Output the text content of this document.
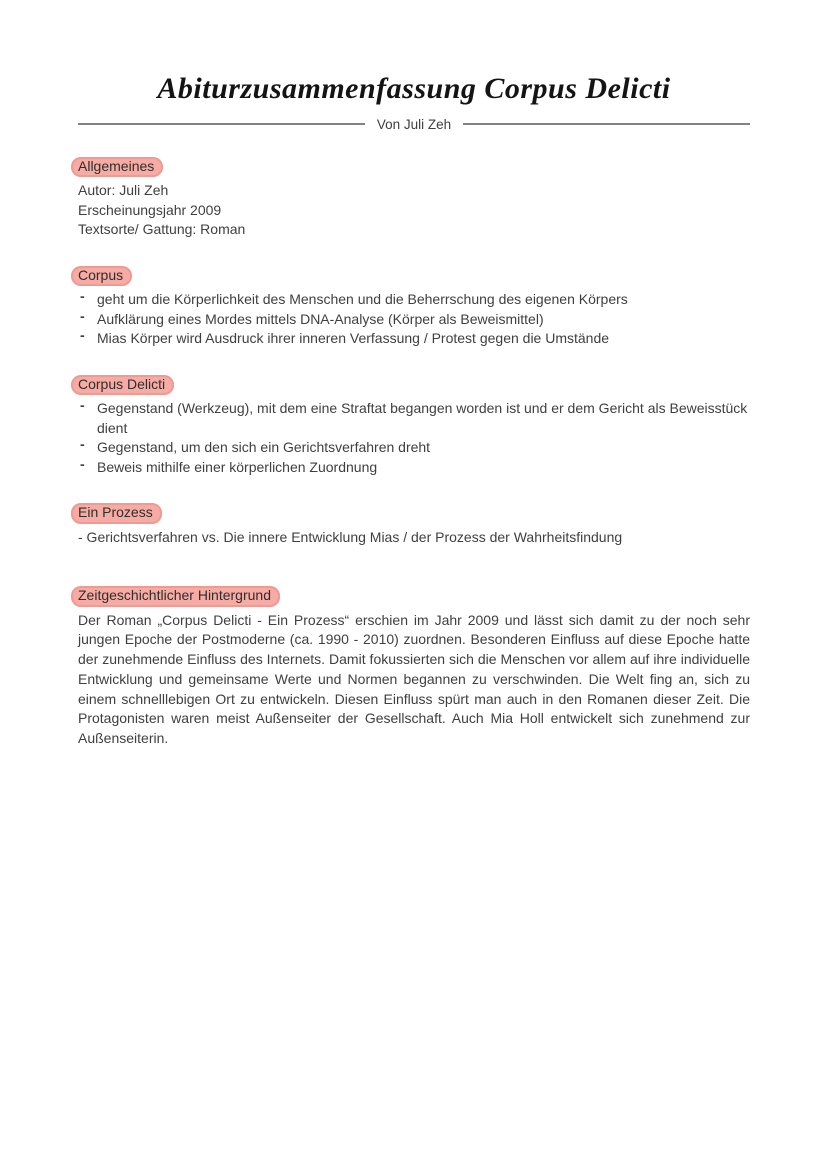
Abiturzusammenfassung Corpus Delicti
Von Juli Zeh
Allgemeines

Autor: Juli Zeh

Erscheinungsjahr 2009

Textsorte/ Gattung: Roman

Corpus

- geht um die Körperlichkeit des Menschen und die Beherrschung des eigenen Körpers

- Aufklärung eines Mordes mittels DNA-Analyse (Körper als Beweismittel)

- Mias Körper wird Ausdruck ihrer inneren Verfassung / Protest gegen die Umstände

Corpus Delicti

- Gegenstand (Werkzeug), mit dem eine Straftat begangen worden ist und er dem Gericht als Beweisstück dient

- Gegenstand, um den sich ein Gerichtsverfahren dreht

- Beweis mithilfe einer körperlichen Zuordnung

Ein Prozess

- Gerichtsverfahren vs. Die innere Entwicklung Mias / der Prozess der Wahrheitsfindung

Zeitgeschichtlicher Hintergrund

Der Roman „Corpus Delicti - Ein Prozess“ erschien im Jahr 2009 und lässt sich damit zu der noch sehr jungen Epoche der Postmoderne (ca. 1990 - 2010) zuordnen. Besonderen Einfluss auf diese Epoche hatte der zunehmende Einfluss des Internets. Damit fokussierten sich die Menschen vor allem auf ihre individuelle Entwicklung und gemeinsame Werte und Normen begannen zu verschwinden. Die Welt fing an, sich zu einem schnelllebigen Ort zu entwickeln. Diesen Einfluss spürt man auch in den Romanen dieser Zeit. Die Protagonisten waren meist Außenseiter der Gesellschaft. Auch Mia Holl entwickelt sich zunehmend zur Außenseiterin.
